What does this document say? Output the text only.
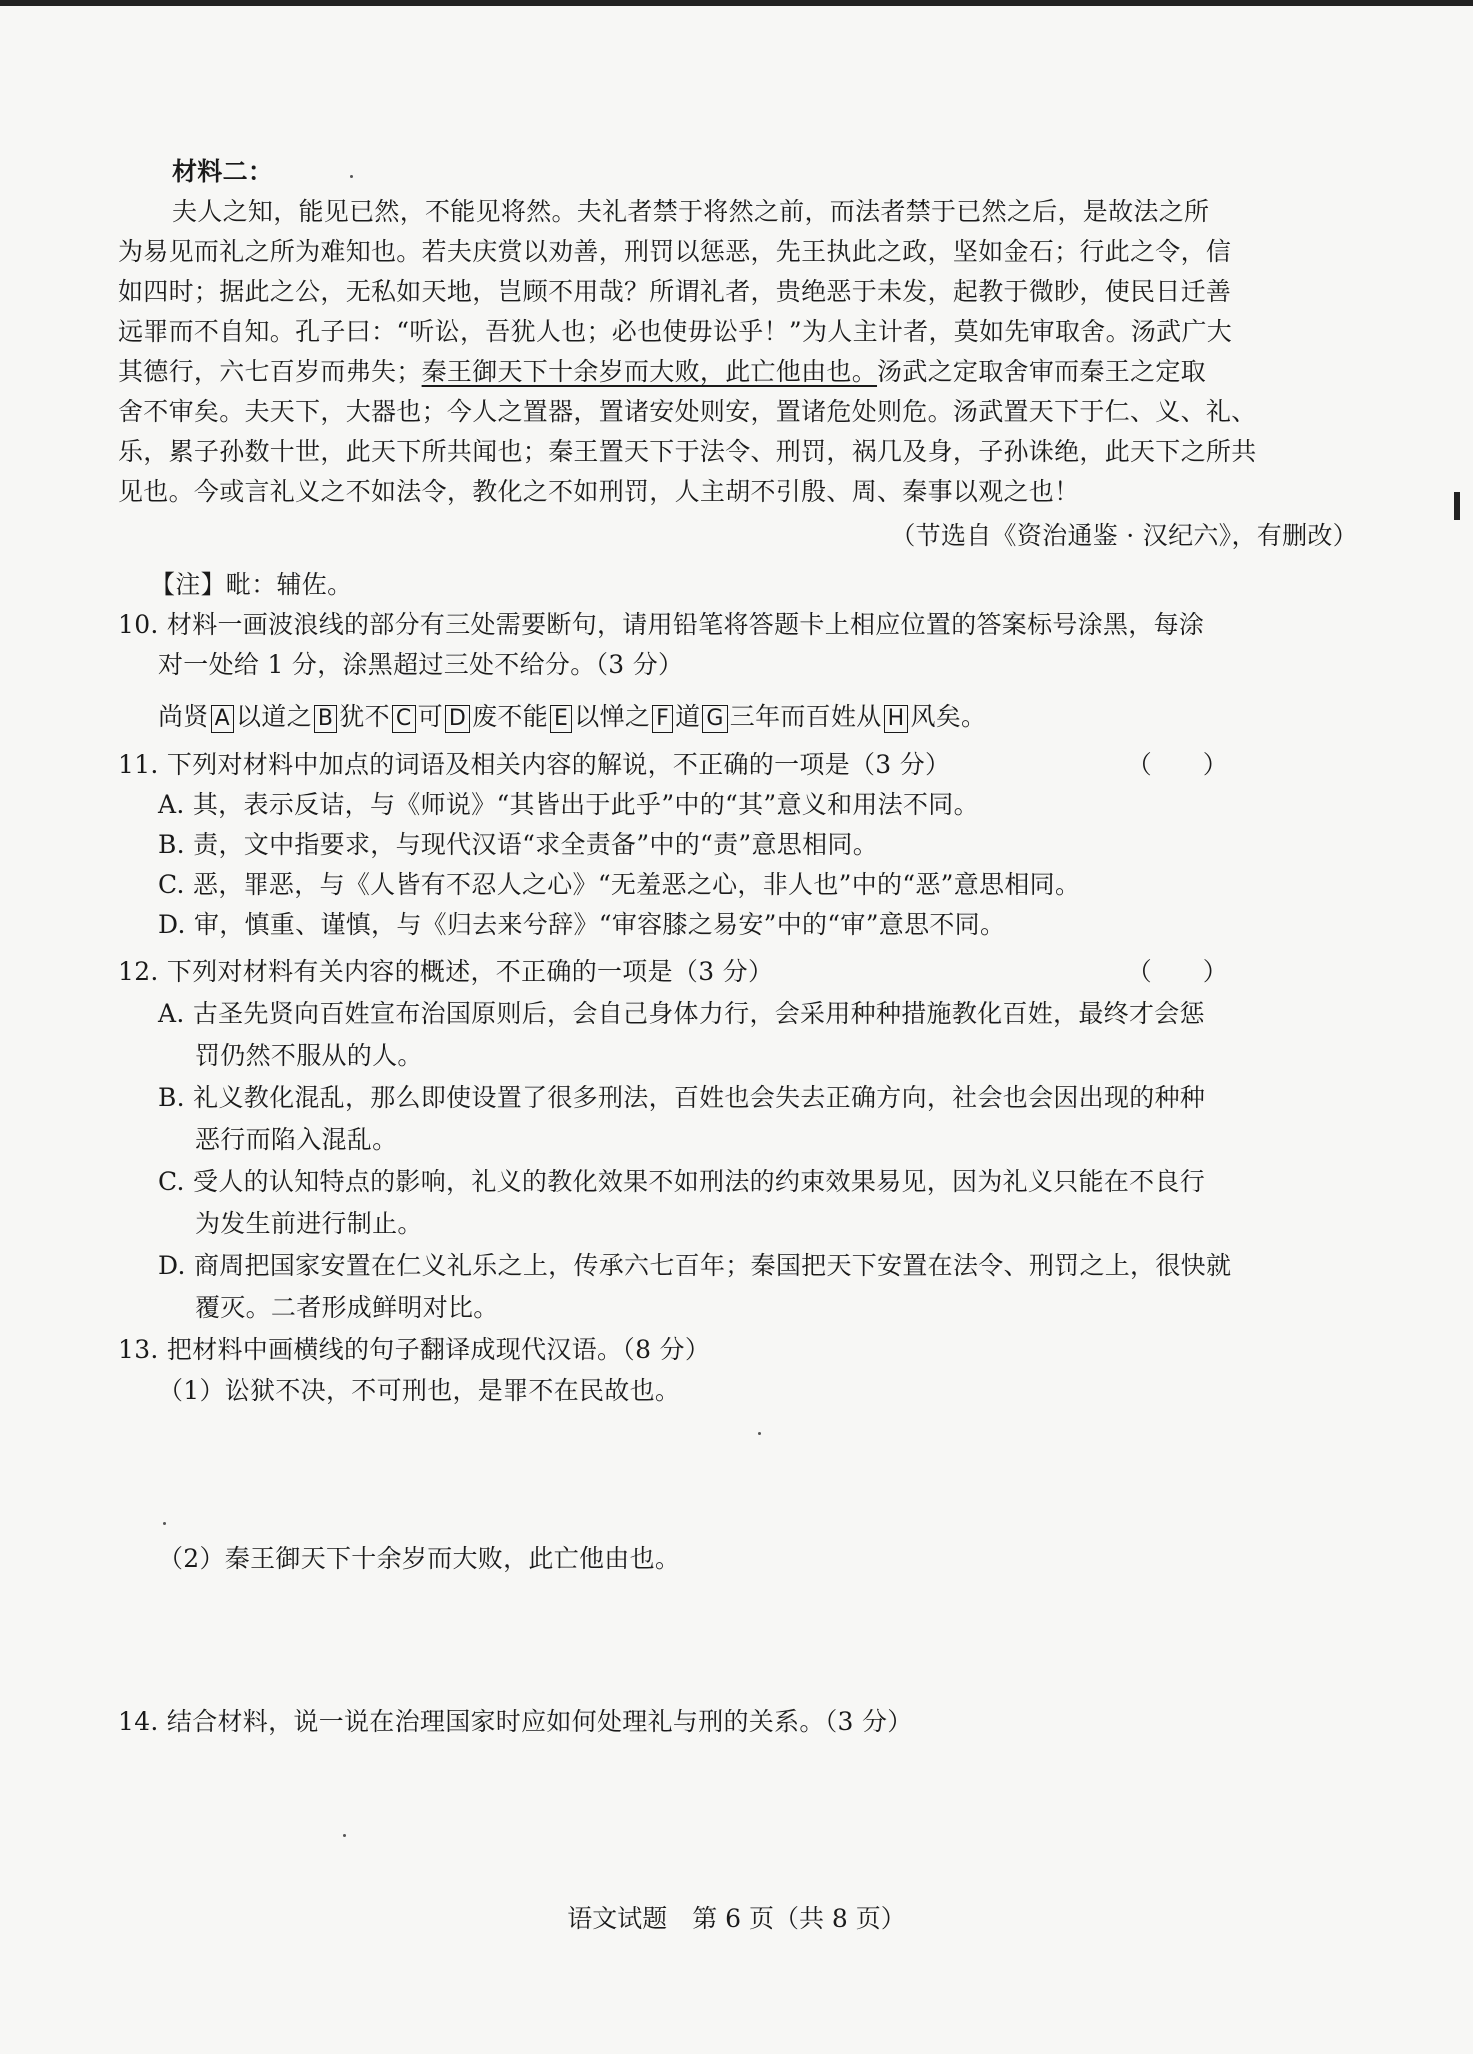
材料二：
夫人之知，能见已然，不能见将然。夫礼者禁于将然之前，而法者禁于已然之后，是故法之所
为易见而礼之所为难知也。若夫庆赏以劝善，刑罚以惩恶，先王执此之政，坚如金石；行此之令，信
如四时；据此之公，无私如天地，岂顾不用哉？所谓礼者，贵绝恶于未发，起教于微眇，使民日迁善
远罪而不自知。孔子曰：“听讼，吾犹人也；必也使毋讼乎！”为人主计者，莫如先审取舍。汤武广大
其德行，六七百岁而弗失；秦王御天下十余岁而大败，此亡他由也。汤武之定取舍审而秦王之定取
舍不审矣。夫天下，大器也；今人之置器，置诸安处则安，置诸危处则危。汤武置天下于仁、义、礼、
乐，累子孙数十世，此天下所共闻也；秦王置天下于法令、刑罚，祸几及身，子孙诛绝，此天下之所共
见也。今或言礼义之不如法令，教化之不如刑罚，人主胡不引殷、周、秦事以观之也！
（节选自《资治通鉴 · 汉纪六》，有删改）
【注】毗：辅佐。
10. 材料一画波浪线的部分有三处需要断句，请用铅笔将答题卡上相应位置的答案标号涂黑，每涂
对一处给 1 分，涂黑超过三处不给分。（3 分）
尚贤 A 以道之 B 犹不 C 可 D 废不能 E 以惮之 F 道 G 三年而百姓从 H 风矣。
11. 下列对材料中加点的词语及相关内容的解说，不正确的一项是（3 分）	（　　）
A. 其，表示反诘，与《师说》“其皆出于此乎”中的“其”意义和用法不同。
B. 责，文中指要求，与现代汉语“求全责备”中的“责”意思相同。
C. 恶，罪恶，与《人皆有不忍人之心》“无羞恶之心，非人也”中的“恶”意思相同。
D. 审，慎重、谨慎，与《归去来兮辞》“审容膝之易安”中的“审”意思不同。
12. 下列对材料有关内容的概述，不正确的一项是（3 分）	（　　）
A. 古圣先贤向百姓宣布治国原则后，会自己身体力行，会采用种种措施教化百姓，最终才会惩
罚仍然不服从的人。
B. 礼义教化混乱，那么即使设置了很多刑法，百姓也会失去正确方向，社会也会因出现的种种
恶行而陷入混乱。
C. 受人的认知特点的影响，礼义的教化效果不如刑法的约束效果易见，因为礼义只能在不良行
为发生前进行制止。
D. 商周把国家安置在仁义礼乐之上，传承六七百年；秦国把天下安置在法令、刑罚之上，很快就
覆灭。二者形成鲜明对比。
13. 把材料中画横线的句子翻译成现代汉语。（8 分）
（1）讼狱不决，不可刑也，是罪不在民故也。
（2）秦王御天下十余岁而大败，此亡他由也。
14. 结合材料，说一说在治理国家时应如何处理礼与刑的关系。（3 分）
语文试题　第 6 页（共 8 页）
